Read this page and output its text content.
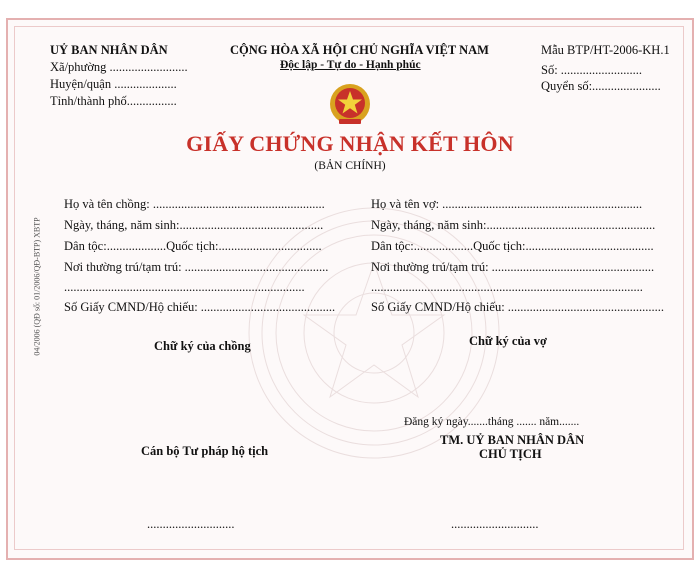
04/2006 (QĐ số: 01/2006/QĐ-BTP) XBTP
UỶ BAN NHÂN DÂN
Xã/phường .........................
Huyện/quận ....................
Tỉnh/thành phố................
CỘNG HÒA XÃ HỘI CHỦ NGHĨA VIỆT NAM
Độc lập - Tự do - Hạnh phúc
Mẫu BTP/HT-2006-KH.1
Số: ..........................
Quyển số:......................
GIẤY CHỨNG NHẬN KẾT HÔN
(BẢN CHÍNH)
Họ và tên chồng: .......................................................
Ngày, tháng, năm sinh:..............................................
Dân tộc:...................Quốc tịch:.................................
Nơi thường trú/tạm trú: ..............................................
.............................................................................
Số Giấy CMND/Hộ chiếu: ...........................................
Chữ ký của chồng
Họ và tên vợ: ................................................................
Ngày, tháng, năm sinh:......................................................
Dân tộc:...................Quốc tịch:.........................................
Nơi thường trú/tạm trú: ....................................................
.......................................................................................
Số Giấy CMND/Hộ chiếu: ..................................................
Chữ ký của vợ
Đăng ký ngày.......tháng ....... năm.......
TM. UỶ BAN NHÂN DÂN
CHỦ TỊCH
Cán bộ Tư pháp hộ tịch
............................	............................
